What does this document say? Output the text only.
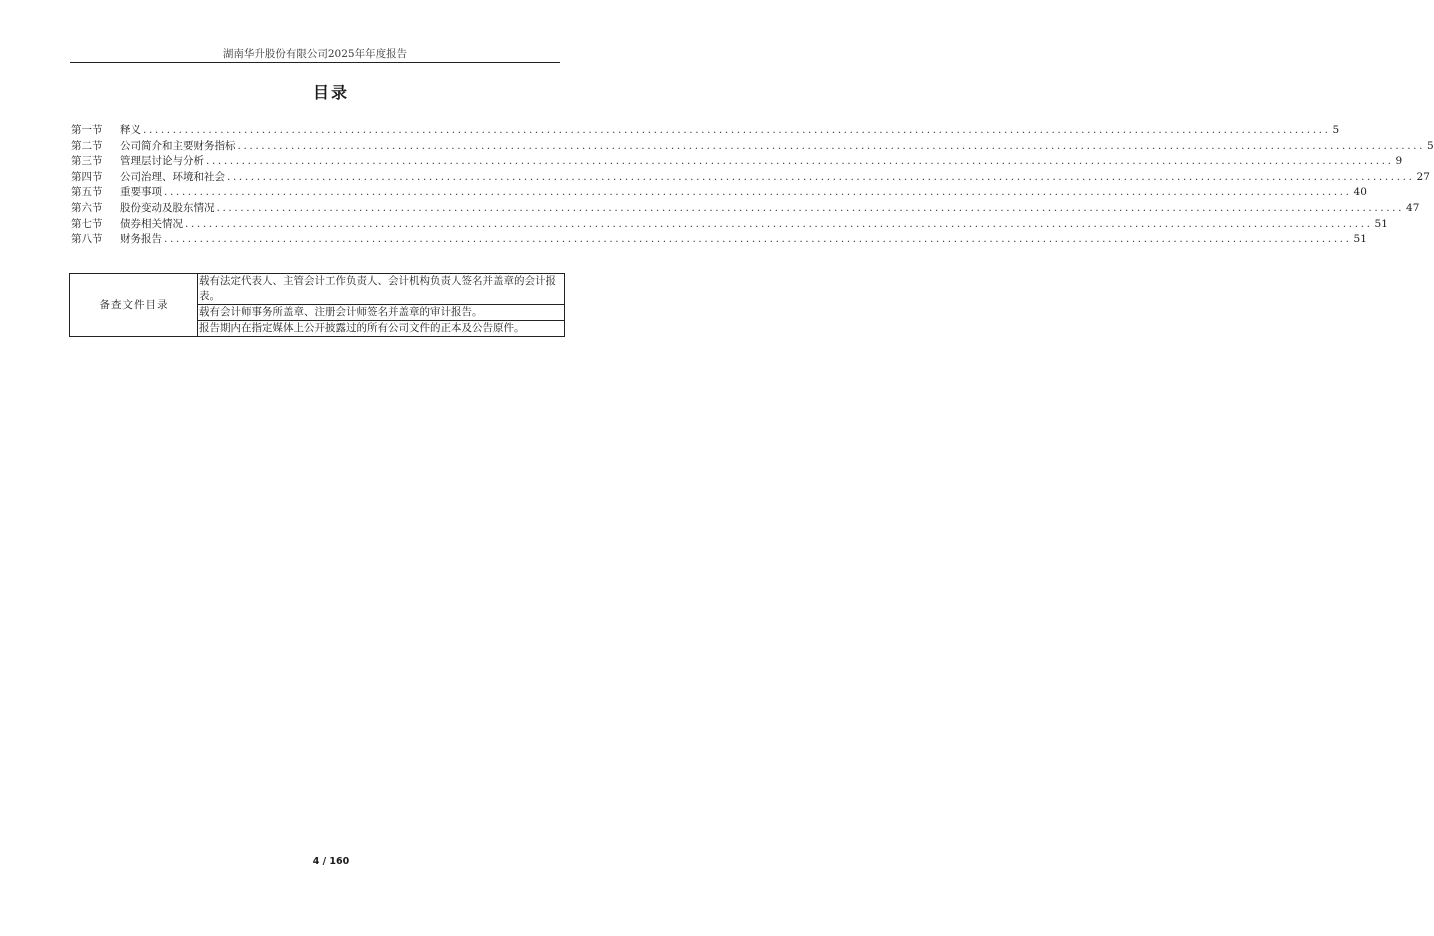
湖南华升股份有限公司2025年年度报告
目录
第一节	释义 ........................................................................................................................................................................................................ 5
第二节	公司简介和主要财务指标 ........................................................................................................................................................................................................ 5
第三节	管理层讨论与分析 ........................................................................................................................................................................................................ 9
第四节	公司治理、环境和社会 ........................................................................................................................................................................................................ 27
第五节	重要事项 ........................................................................................................................................................................................................ 40
第六节	股份变动及股东情况 ........................................................................................................................................................................................................ 47
第七节	债券相关情况 ........................................................................................................................................................................................................ 51
第八节	财务报告 ........................................................................................................................................................................................................ 51
备查文件目录	载有法定代表人、主管会计工作负责人、会计机构负责人签名并盖章的会计报表。
载有会计师事务所盖章、注册会计师签名并盖章的审计报告。
报告期内在指定媒体上公开披露过的所有公司文件的正本及公告原件。
4 / 160
